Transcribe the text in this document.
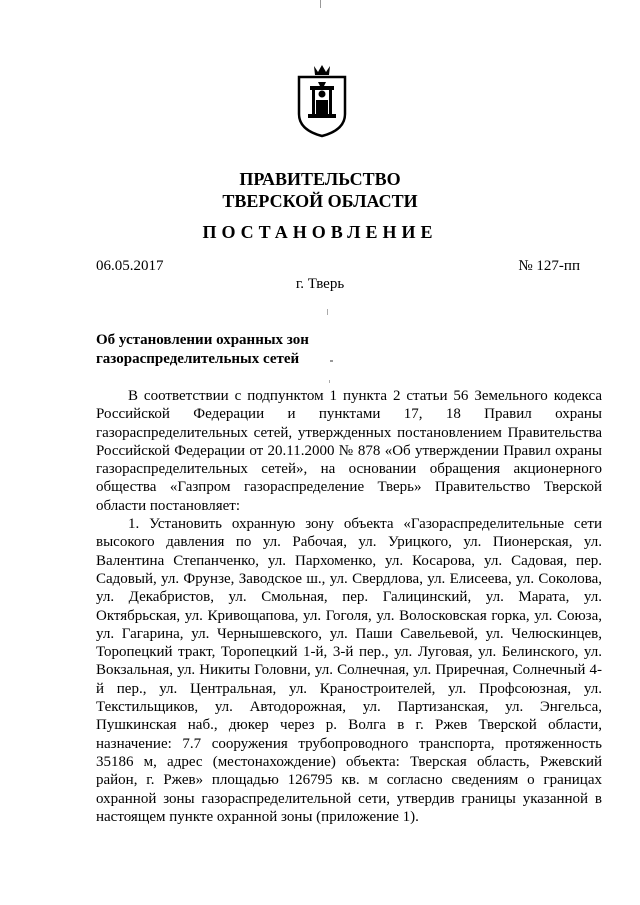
ПРАВИТЕЛЬСТВО
ТВЕРСКОЙ ОБЛАСТИ
ПОСТАНОВЛЕНИЕ
06.05.2017	№ 127-пп
г. Тверь
Об установлении охранных зон
газораспределительных сетей

В соответствии с подпунктом 1 пункта 2 статьи 56 Земельного кодекса Российской Федерации и пунктами 17, 18 Правил охраны газораспределительных сетей, утвержденных постановлением Правительства Российской Федерации от 20.11.2000 № 878 «Об утверждении Правил охраны газораспределительных сетей», на основании обращения акционерного общества «Газпром газораспределение Тверь» Правительство Тверской области постановляет:

1. Установить охранную зону объекта «Газораспределительные сети высокого давления по ул. Рабочая, ул. Урицкого, ул. Пионерская, ул. Валентина Степанченко, ул. Пархоменко, ул. Косарова, ул. Садовая, пер. Садовый, ул. Фрунзе, Заводское ш., ул. Свердлова, ул. Елисеева, ул. Соколова, ул. Декабристов, ул. Смольная, пер. Галицинский, ул. Марата, ул. Октябрьская, ул. Кривощапова, ул. Гоголя, ул. Волосковская горка, ул. Союза, ул. Гагарина, ул. Чернышевского, ул. Паши Савельевой, ул. Челюскинцев, Торопецкий тракт, Торопецкий 1-й, 3-й пер., ул. Луговая, ул. Белинского, ул. Вокзальная, ул. Никиты Головни, ул. Солнечная, ул. Приречная, Солнечный 4-й пер., ул. Центральная, ул. Краностроителей, ул. Профсоюзная, ул. Текстильщиков, ул. Автодорожная, ул. Партизанская, ул. Энгельса, Пушкинская наб., дюкер через р. Волга в г. Ржев Тверской области, назначение: 7.7 сооружения трубопроводного транспорта, протяженность 35186 м, адрес (местонахождение) объекта: Тверская область, Ржевский район, г. Ржев» площадью 126795 кв. м согласно сведениям о границах охранной зоны газораспределительной сети, утвердив границы указанной в настоящем пункте охранной зоны (приложение 1).
